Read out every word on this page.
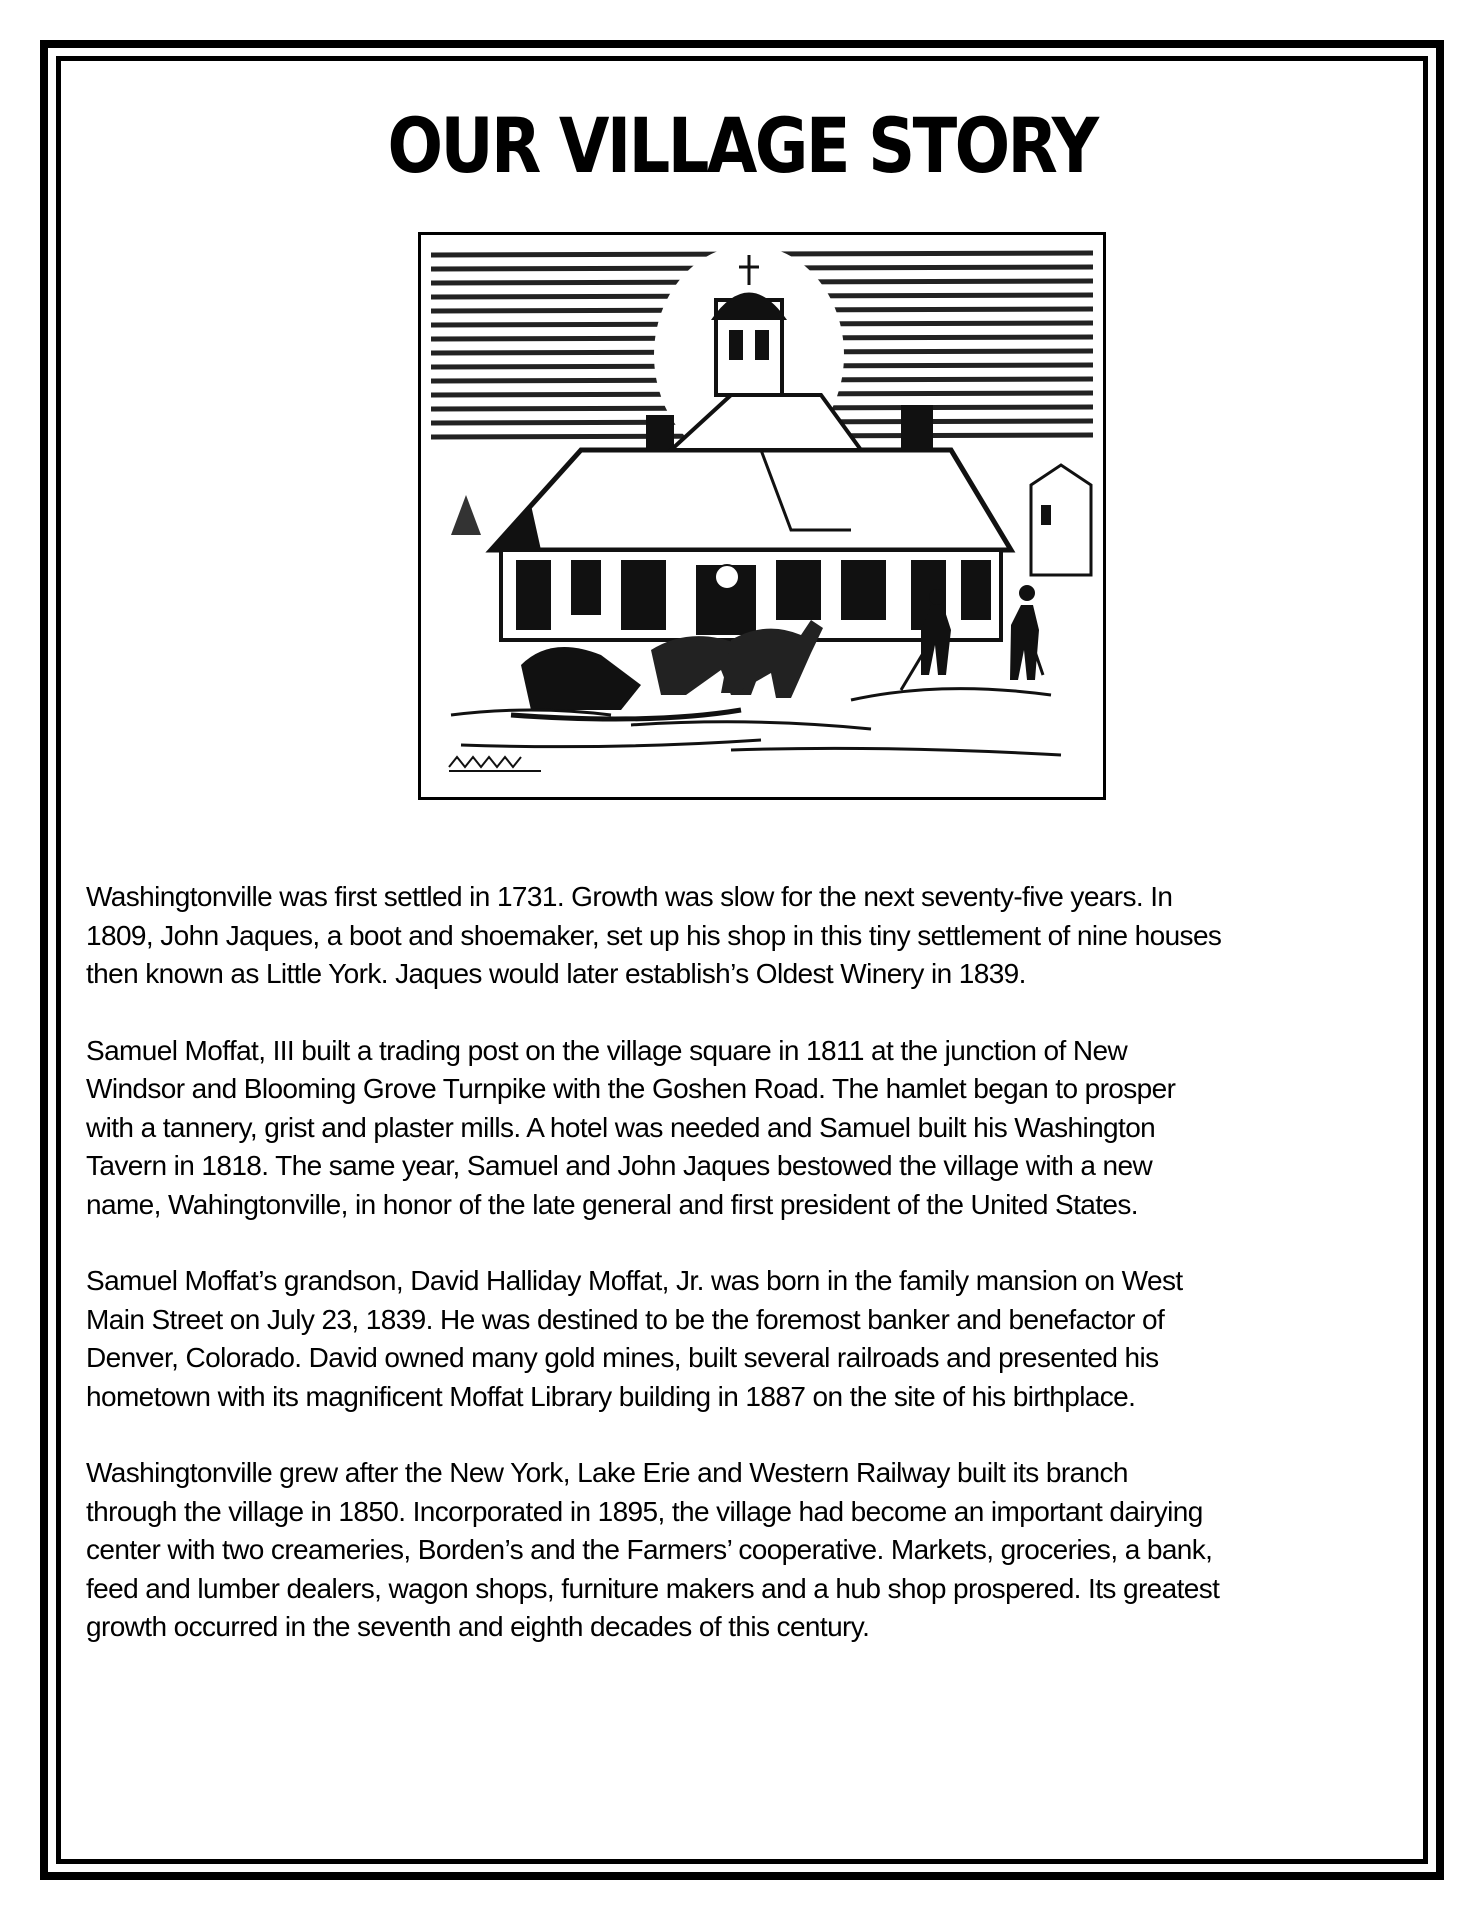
OUR VILLAGE STORY

Washingtonville was first settled in 1731. Growth was slow for the next seventy-five years. In
1809, John Jaques, a boot and shoemaker, set up his shop in this tiny settlement of nine houses
then known as Little York. Jaques would later establish’s Oldest Winery in 1839.

Samuel Moffat, III built a trading post on the village square in 1811 at the junction of New
Windsor and Blooming Grove Turnpike with the Goshen Road. The hamlet began to prosper
with a tannery, grist and plaster mills. A hotel was needed and Samuel built his Washington
Tavern in 1818. The same year, Samuel and John Jaques bestowed the village with a new
name, Wahingtonville, in honor of the late general and first president of the United States.

Samuel Moffat’s grandson, David Halliday Moffat, Jr. was born in the family mansion on West
Main Street on July 23, 1839. He was destined to be the foremost banker and benefactor of
Denver, Colorado. David owned many gold mines, built several railroads and presented his
hometown with its magnificent Moffat Library building in 1887 on the site of his birthplace.

Washingtonville grew after the New York, Lake Erie and Western Railway built its branch
through the village in 1850. Incorporated in 1895, the village had become an important dairying
center with two creameries, Borden’s and the Farmers’ cooperative. Markets, groceries, a bank,
feed and lumber dealers, wagon shops, furniture makers and a hub shop prospered. Its greatest
growth occurred in the seventh and eighth decades of this century.
